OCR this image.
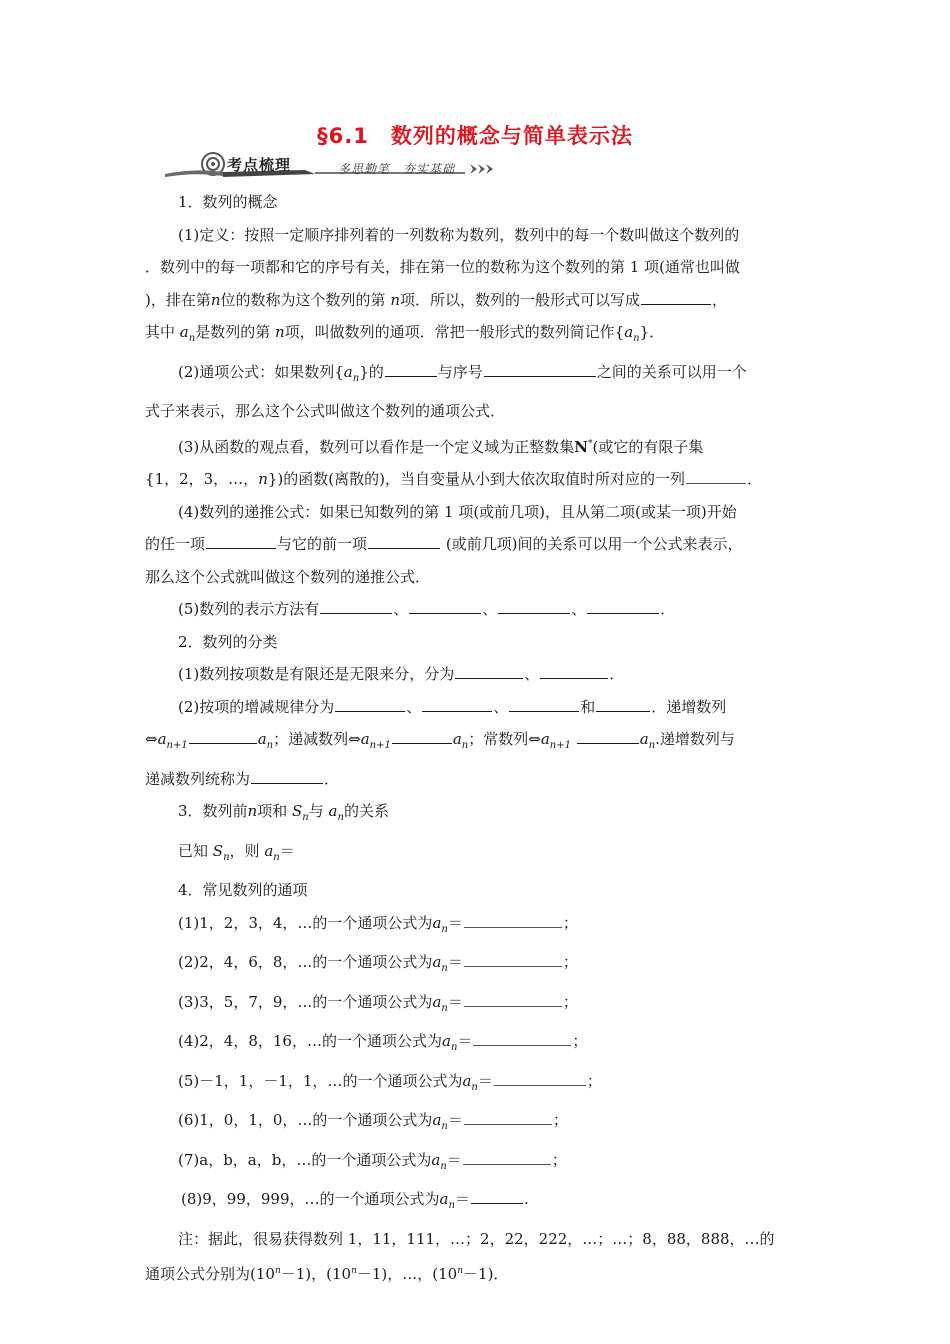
§6.1　数列的概念与简单表示法
考点梳理	多思勤笔　夯实基础

1．数列的概念

(1)定义：按照一定顺序排列着的一列数称为数列，数列中的每一个数叫做这个数列的

．数列中的每一项都和它的序号有关，排在第一位的数称为这个数列的第 1 项(通常也叫做

)，排在第n位的数称为这个数列的第 n项．所以，数列的一般形式可以写成	，

其中 $a_n$是数列的第 n项，叫做数列的通项．常把一般形式的数列简记作$\{a_n\}$．

(2)通项公式：如果数列$\{a_n\}$的	与序号	之间的关系可以用一个

式子来表示，那么这个公式叫做这个数列的通项公式．

(3)从函数的观点看，数列可以看作是一个定义域为正整数集N*(或它的有限子集

{1，2，3，…，n})的函数(离散的)，当自变量从小到大依次取值时所对应的一列	．

(4)数列的递推公式：如果已知数列的第 1 项(或前几项)，且从第二项(或某一项)开始

的任一项	与它的前一项	(或前几项)间的关系可以用一个公式来表示，

那么这个公式就叫做这个数列的递推公式．

(5)数列的表示方法有	、	、	、	．

2．数列的分类

(1)数列按项数是有限还是无限来分，分为	、	．

(2)按项的增减规律分为	、	、	和	．递增数列

$\Leftrightarrow a_{n+1}$	$a_n$；递减数列$\Leftrightarrow a_{n+1}$	$a_n$；常数列$\Leftrightarrow a_{n+1}$	$a_n$.递增数列与

递减数列统称为	．

3．数列前n项和 $S_n$与 $a_n$的关系

已知 $S_n$，则 $a_n=$

4．常见数列的通项

(1)1，2，3，4，…的一个通项公式为$a_n=$	；

(2)2，4，6，8，…的一个通项公式为$a_n=$	；

(3)3，5，7，9，…的一个通项公式为$a_n=$	；

(4)2，4，8，16，…的一个通项公式为$a_n=$	；

(5)－1，1，－1，1，…的一个通项公式为$a_n=$	；

(6)1，0，1，0，…的一个通项公式为$a_n=$	；

(7)a，b，a，b，…的一个通项公式为$a_n=$	；

(8)9，99，999，…的一个通项公式为$a_n=$	.

注：据此，很易获得数列 1，11，111，…；2，22，222，…；…；8，88，888，…的

通项公式分别为$(10^n-1)$，$(10^n-1)$，…，$(10^n-1)$．
